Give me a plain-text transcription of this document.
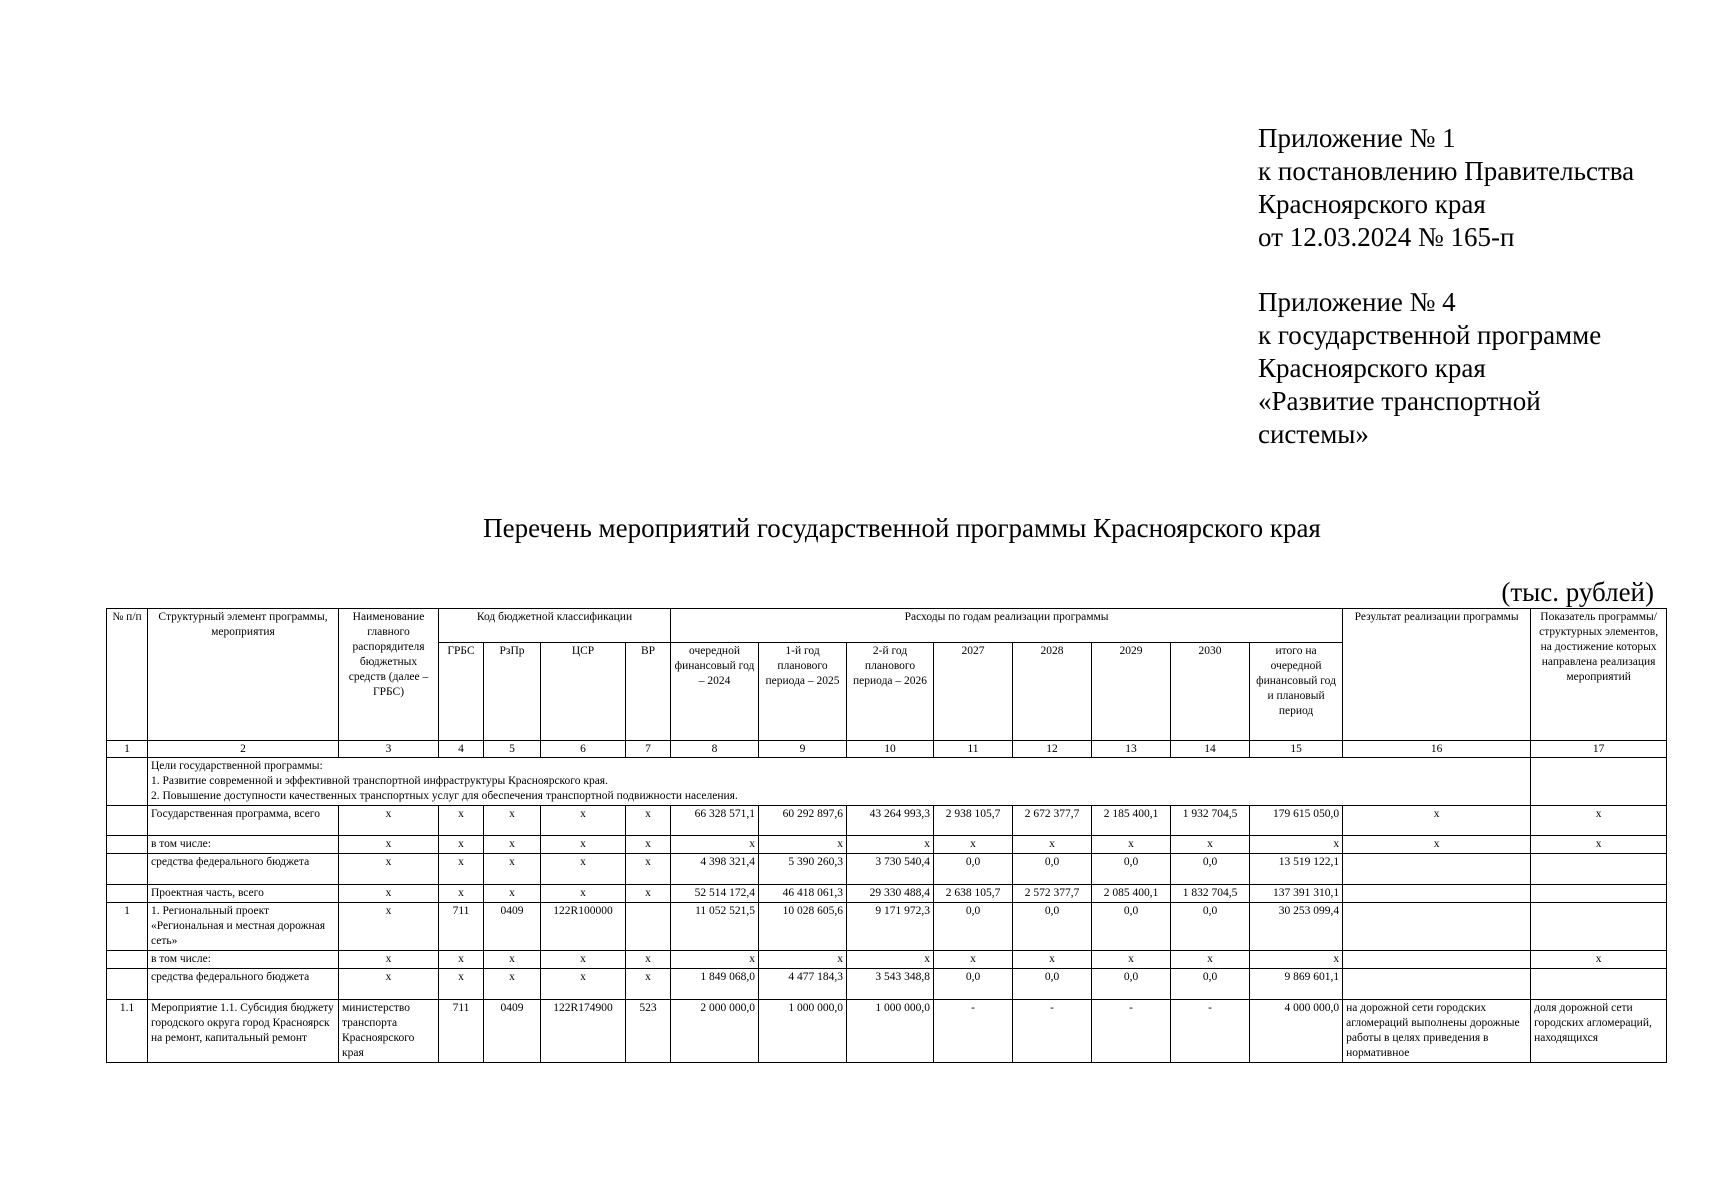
Приложение № 1
к постановлению Правительства
Красноярского края
от 12.03.2024 № 165-п
Приложение № 4
к государственной программе
Красноярского края
«Развитие транспортной
системы»
Перечень мероприятий государственной программы Красноярского края
(тыс. рублей)
№ п/п	Структурный элемент программы, мероприятия	Наименование главного распорядителя бюджетных средств (далее – ГРБС)	Код бюджетной классификации				Расходы по годам реализации программы								Результат реализации программы	Показатель программы/ структурных элементов, на достижение которых направлена реализация мероприятий
			ГРБС	РзПр	ЦСР	ВР	очередной финансовый год – 2024	1-й год планового периода – 2025	2-й год планового периода – 2026	2027	2028	2029	2030	итого на очередной финансовый год и плановый период		
1	2	3	4	5	6	7	8	9	10	11	12	13	14	15	16	17

	Цели государственной программы:
1. Развитие современной и эффективной транспортной инфраструктуры Красноярского края.
2. Повышение доступности качественных транспортных услуг для обеспечения транспортной подвижности населения.															

	Государственная программа, всего	х	х	х	х	х	66 328 571,1	60 292 897,6	43 264 993,3	2 938 105,7	2 672 377,7	2 185 400,1	1 932 704,5	179 615 050,0	х	х
	в том числе:	х	х	х	х	х	х	х	х	х	х	х	х	х	х	х
	средства федерального бюджета	х	х	х	х	х	4 398 321,4	5 390 260,3	3 730 540,4	0,0	0,0	0,0	0,0	13 519 122,1		
	Проектная часть, всего	х	х	х	х	х	52 514 172,4	46 418 061,3	29 330 488,4	2 638 105,7	2 572 377,7	2 085 400,1	1 832 704,5	137 391 310,1		
1	1. Региональный проект «Региональная и местная дорожная сеть»	х	711	0409	122R100000		11 052 521,5	10 028 605,6	9 171 972,3	0,0	0,0	0,0	0,0	30 253 099,4		
	в том числе:	х	х	х	х	х	х	х	х	х	х	х	х	х		х
	средства федерального бюджета	х	х	х	х	х	1 849 068,0	4 477 184,3	3 543 348,8	0,0	0,0	0,0	0,0	9 869 601,1		
1.1	Мероприятие 1.1. Субсидия бюджету городского округа город Красноярск на ремонт, капитальный ремонт	министерство транспорта Красноярского края	711	0409	122R174900	523	2 000 000,0	1 000 000,0	1 000 000,0	-	-	-	-	4 000 000,0	на дорожной сети городских агломераций выполнены дорожные работы в целях приведения в нормативное	доля дорожной сети городских агломераций, находящихся
